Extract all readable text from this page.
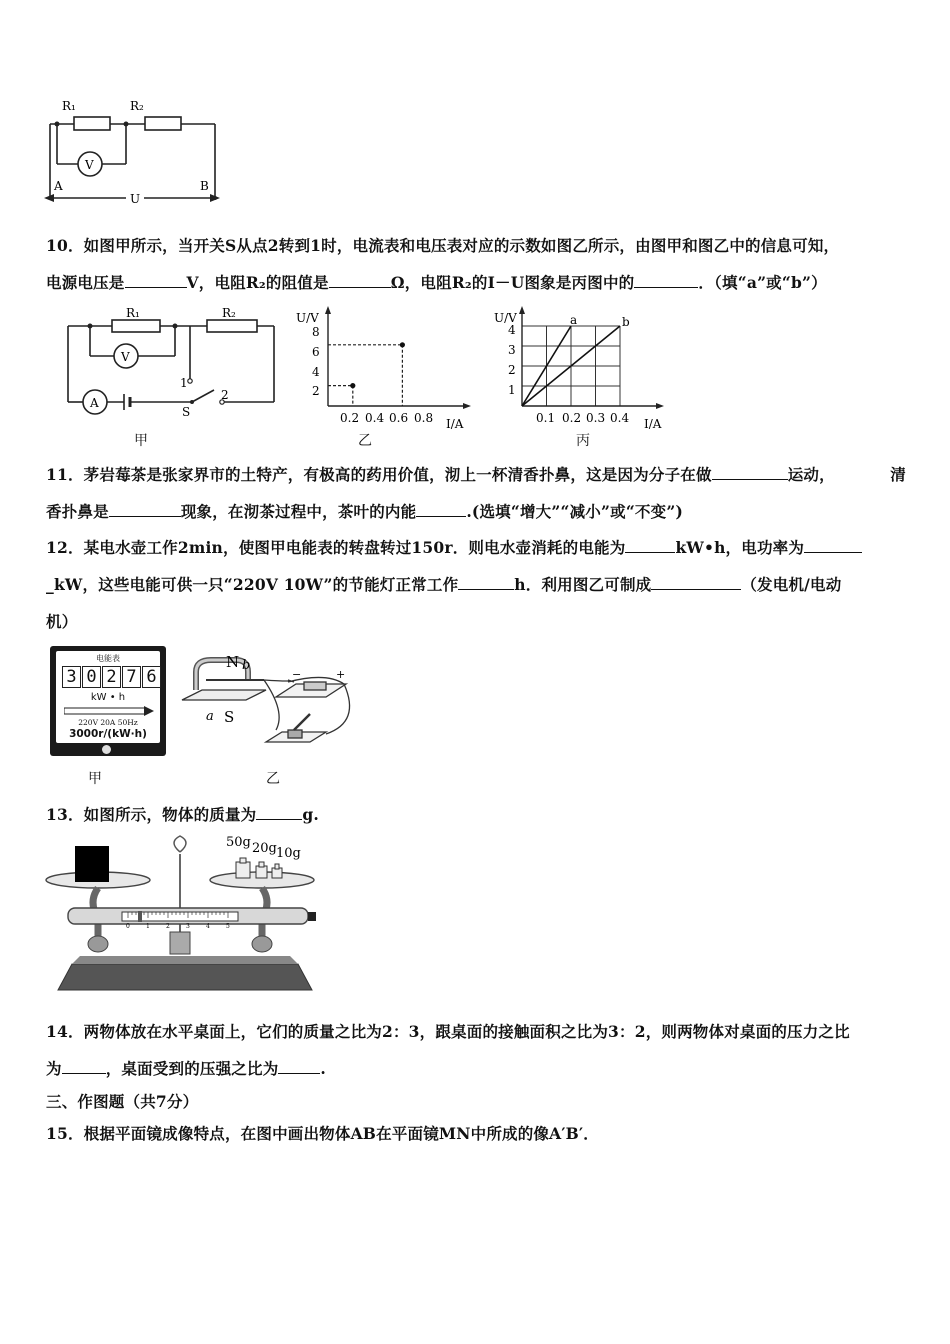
R₁	R₂
V
A	B
U
10．如图甲所示，当开关S从点2转到1时，电流表和电压表对应的示数如图乙所示，由图甲和图乙中的信息可知，
电源电压是	V，电阻R₂的阻值是	Ω，电阻R₂的I－U图象是丙图中的	．（填“a”或“b”）
R₁	R₂
V
A
1
2
S
甲
U/V
I/A
8
6
4
2
0.2 0.4 0.6 0.8
乙
U/V
I/A
4
3
2
1
0.1 0.2 0.3 0.4
a	b
丙
11．茅岩莓茶是张家界市的土特产，有极高的药用价值，沏上一杯清香扑鼻，这是因为分子在做	运动，	清
香扑鼻是	现象，在沏茶过程中，茶叶的内能	.(选填“增大”“减小”或“不变”)
12．某电水壶工作2min，使图甲电能表的转盘转过150r．则电水壶消耗的电能为	kW•h，电功率为
_kW，这些电能可供一只“220V 10W”的节能灯正常工作	h．利用图乙可制成	（发电机/电动
机）
电能表
3 0 2 7 6
kW • h
220V 20A 50Hz
3000r/(kW·h)
甲
N b
a S
−	+
乙
13．如图所示，物体的质量为	g.
0	1	2	3	4	5
50g 20g 10g
14．两物体放在水平桌面上，它们的质量之比为2：3，跟桌面的接触面积之比为3：2，则两物体对桌面的压力之比
为	，桌面受到的压强之比为	.
三、作图题（共7分）
15．根据平面镜成像特点，在图中画出物体AB在平面镜MN中所成的像A′B′．
